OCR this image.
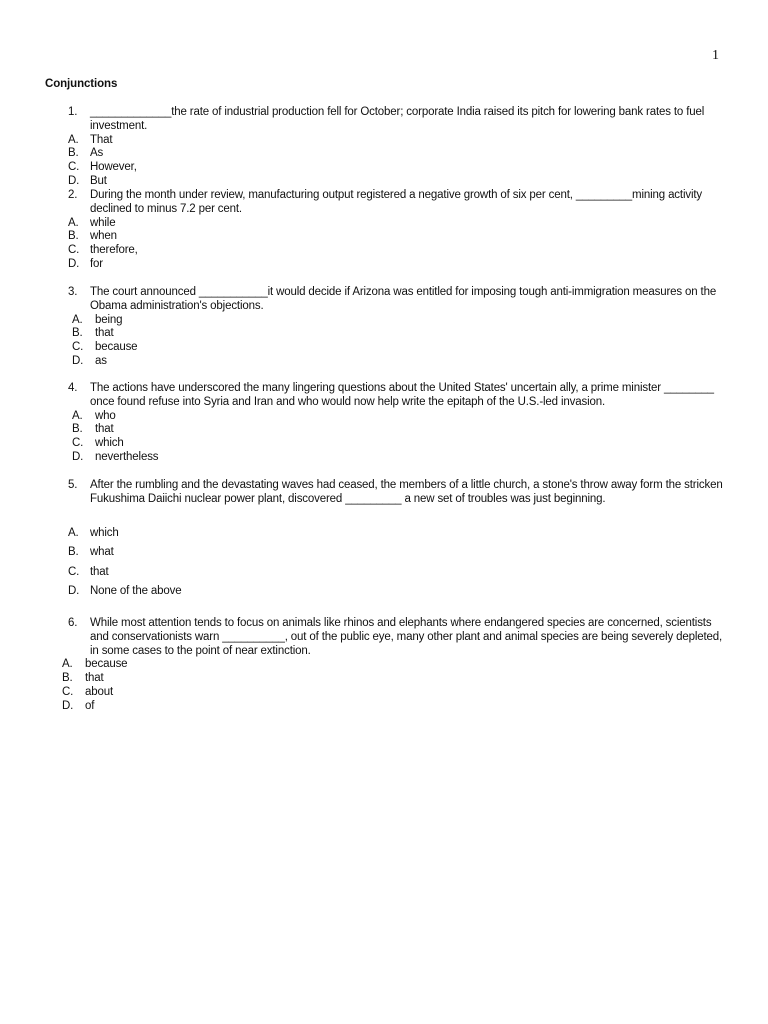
1
Conjunctions
1. _____________the rate of industrial production fell for October; corporate India raised its pitch for lowering bank rates to fuel investment.
A. That
B. As
C. However,
D. But
2. During the month under review, manufacturing output registered a negative growth of six per cent, _________mining activity declined to minus 7.2 per cent.
A. while
B. when
C. therefore,
D. for
3. The court announced ___________it would decide if Arizona was entitled for imposing tough anti-immigration measures on the Obama administration's objections.
A. being
B. that
C. because
D. as
4. The actions have underscored the many lingering questions about the United States' uncertain ally, a prime minister ________ once found refuse into Syria and Iran and who would now help write the epitaph of the U.S.-led invasion.
A. who
B. that
C. which
D. nevertheless
5. After the rumbling and the devastating waves had ceased, the members of a little church, a stone's throw away form the stricken Fukushima Daiichi nuclear power plant, discovered _________ a new set of troubles was just beginning.
A. which
B. what
C. that
D. None of the above
6. While most attention tends to focus on animals like rhinos and elephants where endangered species are concerned, scientists and conservationists warn __________, out of the public eye, many other plant and animal species are being severely depleted, in some cases to the point of near extinction.
A. because
B. that
C. about
D. of
